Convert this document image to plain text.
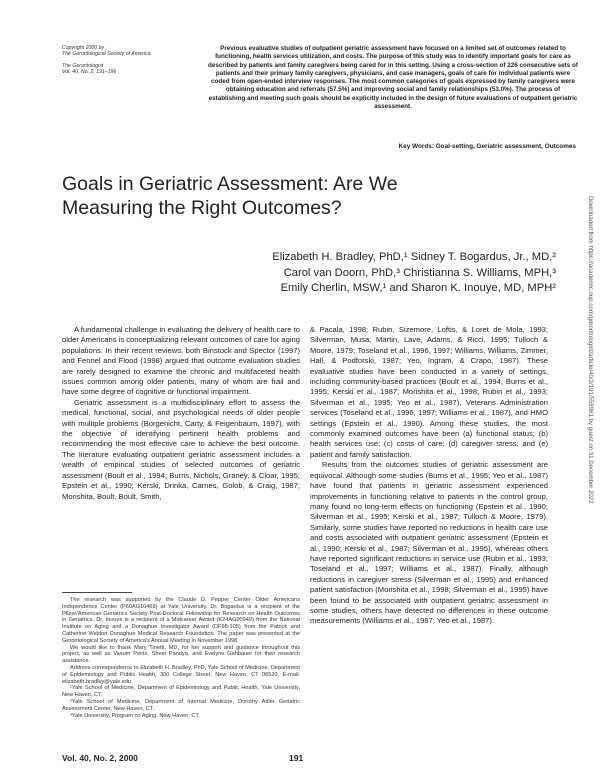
Copyright 2000 by
The Gerontological Society of America
The Gerontologist
Vol. 40, No. 2, 191–196
Previous evaluative studies of outpatient geriatric assessment have focused on a limited set of outcomes related to functioning, health services utilization, and costs. The purpose of this study was to identify important goals for care as described by patients and family caregivers being cared for in this setting. Using a cross-section of 226 consecutive sets of patients and their primary family caregivers, physicians, and case managers, goals of care for individual patients were coded from open-ended interview responses. The most common categories of goals expressed by family caregivers were obtaining education and referrals (57.5%) and improving social and family relationships (53.0%). The process of establishing and meeting such goals should be explicitly included in the design of future evaluations of outpatient geriatric assessment.
Key Words: Goal-setting, Geriatric assessment, Outcomes
Goals in Geriatric Assessment: Are We Measuring the Right Outcomes?
Elizabeth H. Bradley, PhD,¹ Sidney T. Bogardus, Jr., MD,²
Carol van Doorn, PhD,³ Christianna S. Williams, MPH,³
Emily Cherlin, MSW,¹ and Sharon K. Inouye, MD, MPH²

A fundamental challenge in evaluating the delivery of health care to older Americans is conceptualizing relevant outcomes of care for aging populations. In their recent reviews, both Binstock and Spector (1997) and Fennel and Flood (1998) argued that outcome evaluation studies are rarely designed to examine the chronic and multifaceted health issues common among older patients, many of whom are frail and have some degree of cognitive or functional impairment.

Geriatric assessment is a multidisciplinary effort to assess the medical, functional, social, and psychological needs of older people with multiple problems (Borgenicht, Carty, & Feigenbaum, 1997), with the objective of identifying pertinent health problems and recommending the most effective care to achieve the best outcome. The literature evaluating outpatient geriatric assessment includes a wealth of empirical studies of selected outcomes of geriatric assessment (Boult et al., 1994; Burns, Nichols, Graney, & Cloar, 1995; Epstein et al., 1990; Kerski, Drinka, Carnes, Golob, & Craig, 1987; Morishita, Boult, Boult, Smith,

The research was supported by the Claude D. Pepper Center Older Americans Independence Center (P60AG10469) at Yale University. Dr. Bogardus is a recipient of the Pfizer/American Geriatrics Society Post-Doctoral Fellowship for Research on Health Outcomes in Geriatrics. Dr. Inouye is a recipient of a Midcareer Award (K24AG00949) from the National Institute on Aging and a Donaghue Investigator Award (DF98-105) from the Patrick and Catherine Weldon Donaghue Medical Research Foundation. The paper was presented at the Gerontological Society of America's Annual Meeting in November 1998.

We would like to thank Mary Tinetti, MD, for her support and guidance throughout this project, as well as Vasum Peiris, Sheel Pandya, and Evelyne Gahbauer for their research assistance.

Address correspondence to Elizabeth H. Bradley, PhD, Yale School of Medicine, Department of Epidemiology and Public Health, 300 College Street, New Haven, CT 06520. E-mail: elizabeth.bradley@yale.edu

¹Yale School of Medicine, Department of Epidemiology and Public Health, Yale University, New Haven, CT.

²Yale School of Medicine, Department of Internal Medicine, Dorothy Adler Geriatric Assessment Center, New Haven, CT.

³Yale University, Program on Aging, New Haven, CT.

& Pacala, 1998; Rubin, Sizemore, Loftis, & Loret de Mola, 1993; Silverman, Musa, Martin, Lave, Adams, & Ricci, 1995; Tulloch & Moore, 1979; Toseland et al., 1996, 1997; Williams, Williams, Zimmer, Hall, & Podforski, 1987; Yeo, Ingram, & Crapo, 1987). These evaluative studies have been conducted in a variety of settings, including community-based practices (Boult et al., 1994, Burns et al., 1995; Kerski et al., 1987; Morishita et al., 1998; Rubin et al., 1993; Silverman et al., 1995; Yeo et al., 1987), Veterans Administration services (Toseland et al., 1996, 1997; Williams et al., 1987), and HMO settings (Epstein et al., 1990). Among these studies, the most commonly examined outcomes have been (a) functional status; (b) health services use; (c) costs of care; (d) caregiver stress; and (e) patient and family satisfaction.

Results from the outcomes studies of geriatric assessment are equivocal. Although some studies (Burns et al., 1995; Yeo et al., 1987) have found that patients in geriatric assessment experienced improvements in functioning relative to patients in the control group, many found no long-term effects on functioning (Epstein et al., 1990; Silverman et al., 1995; Kerski et al., 1987; Tulloch & Moore, 1979). Similarly, some studies have reported no reductions in health care use and costs associated with outpatient geriatric assessment (Epstein et al., 1990; Kerski et al., 1987; Silverman et al., 1995), whereas others have reported significant reductions in service use (Rubin et al., 1993; Toseland et al., 1997; Williams et al., 1987). Finally, although reductions in caregiver stress (Silverman et al., 1995) and enhanced patient satisfaction (Morishita et al., 1998; Silverman et al., 1995) have been found to be associated with outpatient geriatric assessment in some studies, others have detected no differences in these outcome measurements (Williams et al., 1987; Yeo et al., 1987).

Vol. 40, No. 2, 2000	191
Downloaded from https://academic.oup.com/gerontologist/article/40/2/191/558981 by guest on 31 December 2022
